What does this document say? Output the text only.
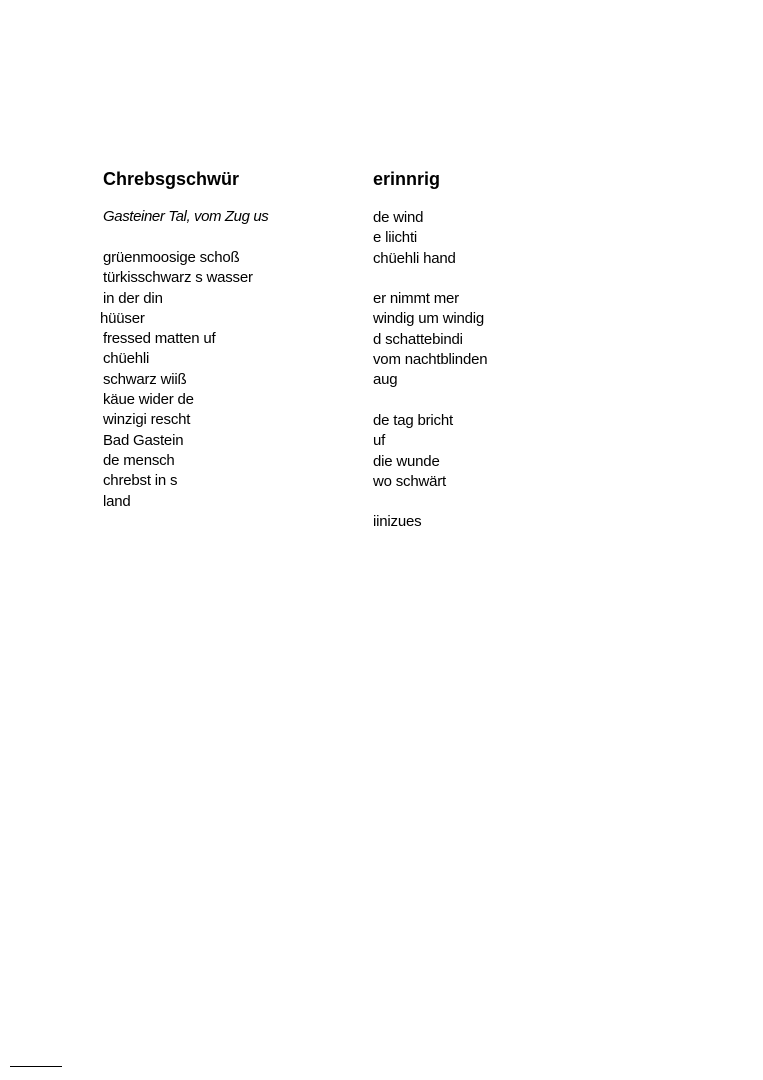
Chrebsgschwür
Gasteiner Tal, vom Zug us
grüenmoosige schoß
türkisschwarz s wasser
in der din
hüüser
fressed matten uf
chüehli
schwarz wiiß
käue wider de
winzigi rescht
Bad Gastein
de mensch
chrebst in s
land
erinnrig
de wind
e liichti
chüehli hand
er nimmt mer
windig um windig
d schattebindi
vom nachtblinden
aug
de tag bricht
uf
die wunde
wo schwärt
iinizues
